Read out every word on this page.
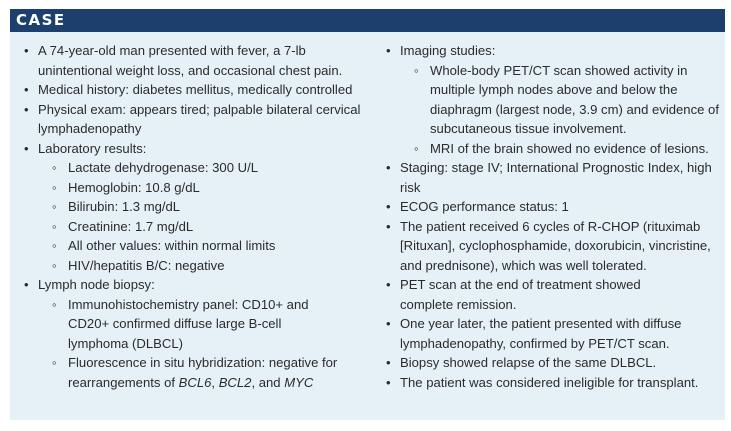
CASE
• A 74-year-old man presented with fever, a 7-lb unintentional weight loss, and occasional chest pain.
• Medical history: diabetes mellitus, medically controlled
• Physical exam: appears tired; palpable bilateral cervical lymphadenopathy
• Laboratory results:
◦ Lactate dehydrogenase: 300 U/L
◦ Hemoglobin: 10.8 g/dL
◦ Bilirubin: 1.3 mg/dL
◦ Creatinine: 1.7 mg/dL
◦ All other values: within normal limits
◦ HIV/hepatitis B/C: negative
• Lymph node biopsy:
◦ Immunohistochemistry panel: CD10+ and CD20+ confirmed diffuse large B-cell lymphoma (DLBCL)
◦ Fluorescence in situ hybridization: negative for rearrangements of BCL6, BCL2, and MYC
• Imaging studies:
◦ Whole-body PET/CT scan showed activity in multiple lymph nodes above and below the diaphragm (largest node, 3.9 cm) and evidence of subcutaneous tissue involvement.
◦ MRI of the brain showed no evidence of lesions.
• Staging: stage IV; International Prognostic Index, high risk
• ECOG performance status: 1
• The patient received 6 cycles of R-CHOP (rituximab [Rituxan], cyclophosphamide, doxorubicin, vincristine, and prednisone), which was well tolerated.
• PET scan at the end of treatment showed complete remission.
• One year later, the patient presented with diffuse lymphadenopathy, confirmed by PET/CT scan.
• Biopsy showed relapse of the same DLBCL.
• The patient was considered ineligible for transplant.
